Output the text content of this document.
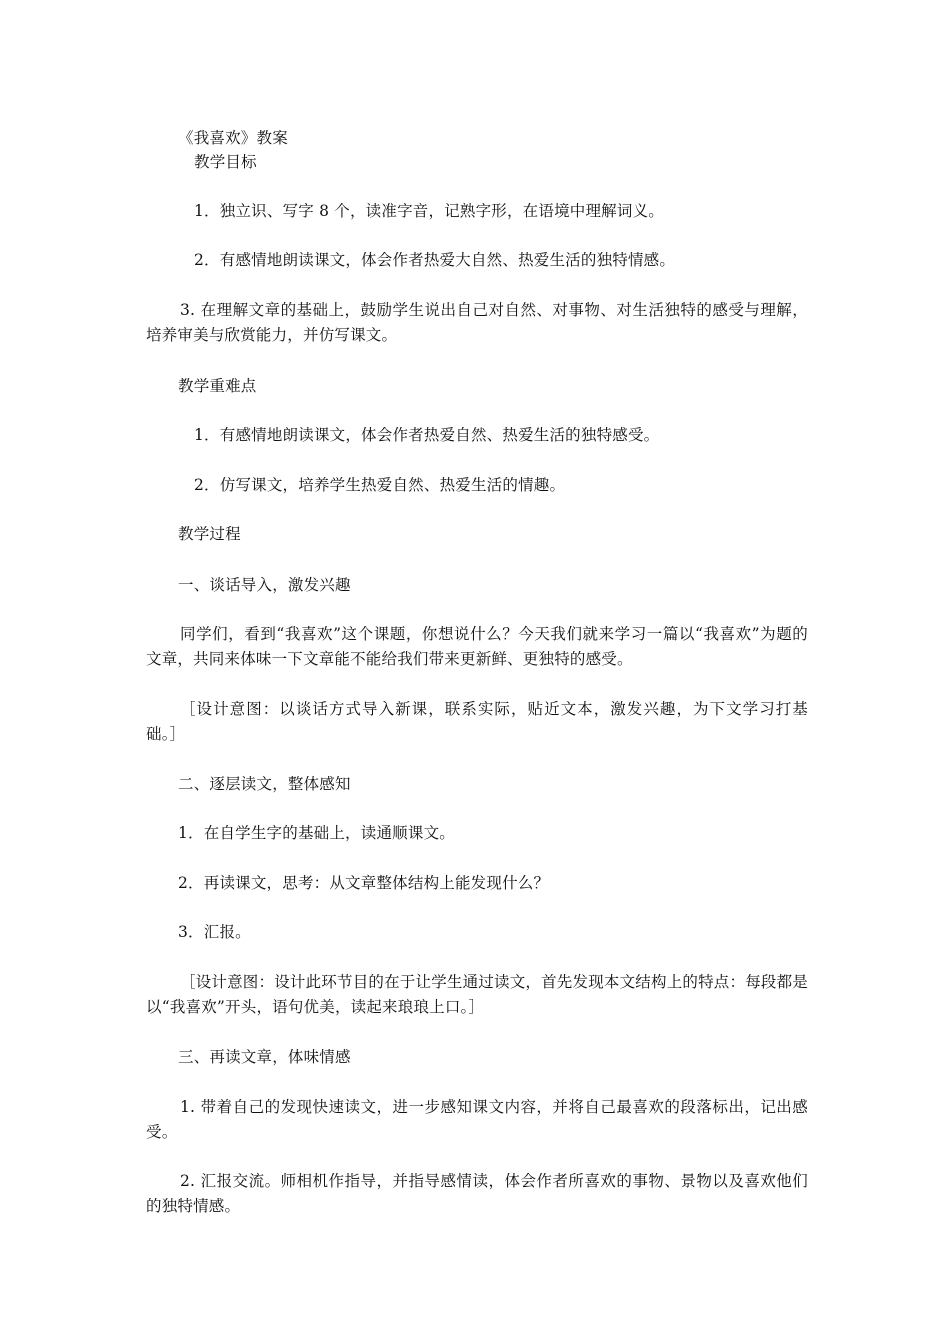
《我喜欢》教案
教学目标
1．独立识、写字 8 个，读准字音，记熟字形，在语境中理解词义。
2．有感情地朗读课文，体会作者热爱大自然、热爱生活的独特情感。
3. 在理解文章的基础上，鼓励学生说出自己对自然、对事物、对生活独特的感受与理解，培养审美与欣赏能力，并仿写课文。
教学重难点
1．有感情地朗读课文，体会作者热爱自然、热爱生活的独特感受。
2．仿写课文，培养学生热爱自然、热爱生活的情趣。
教学过程
一、谈话导入，激发兴趣
同学们，看到“我喜欢”这个课题，你想说什么？今天我们就来学习一篇以“我喜欢”为题的文章，共同来体味一下文章能不能给我们带来更新鲜、更独特的感受。
［设计意图：以谈话方式导入新课，联系实际，贴近文本，激发兴趣，为下文学习打基础。］
二、逐层读文，整体感知
1．在自学生字的基础上，读通顺课文。
2．再读课文，思考：从文章整体结构上能发现什么？
3．汇报。
［设计意图：设计此环节目的在于让学生通过读文，首先发现本文结构上的特点：每段都是以“我喜欢”开头，语句优美，读起来琅琅上口。］
三、再读文章，体味情感
1. 带着自己的发现快速读文，进一步感知课文内容，并将自己最喜欢的段落标出，记出感受。
2. 汇报交流。师相机作指导，并指导感情读，体会作者所喜欢的事物、景物以及喜欢他们的独特情感。
